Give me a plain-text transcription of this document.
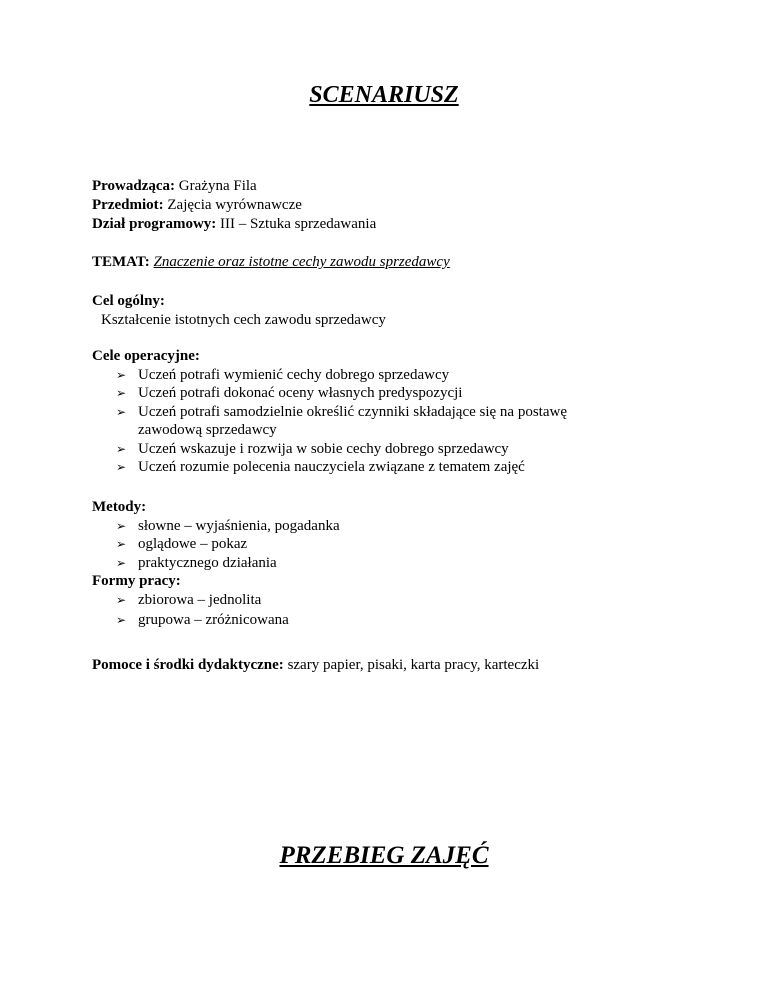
SCENARIUSZ
Prowadząca: Grażyna Fila
Przedmiot: Zajęcia wyrównawcze
Dział programowy: III – Sztuka sprzedawania
TEMAT: Znaczenie oraz istotne cechy zawodu sprzedawcy
Cel ogólny:
Kształcenie istotnych cech zawodu sprzedawcy
Cele operacyjne:
➢ Uczeń potrafi wymienić cechy dobrego sprzedawcy
➢ Uczeń potrafi dokonać oceny własnych predyspozycji
➢ Uczeń potrafi samodzielnie określić czynniki składające się na postawę
zawodową sprzedawcy
➢ Uczeń wskazuje i rozwija w sobie cechy dobrego sprzedawcy
➢ Uczeń rozumie polecenia nauczyciela związane z tematem zajęć
Metody:
➢ słowne – wyjaśnienia, pogadanka
➢ oglądowe – pokaz
➢ praktycznego działania
Formy pracy:
➢ zbiorowa – jednolita
➢ grupowa – zróżnicowana
Pomoce i środki dydaktyczne: szary papier, pisaki, karta pracy, karteczki
PRZEBIEG ZAJĘĆ
